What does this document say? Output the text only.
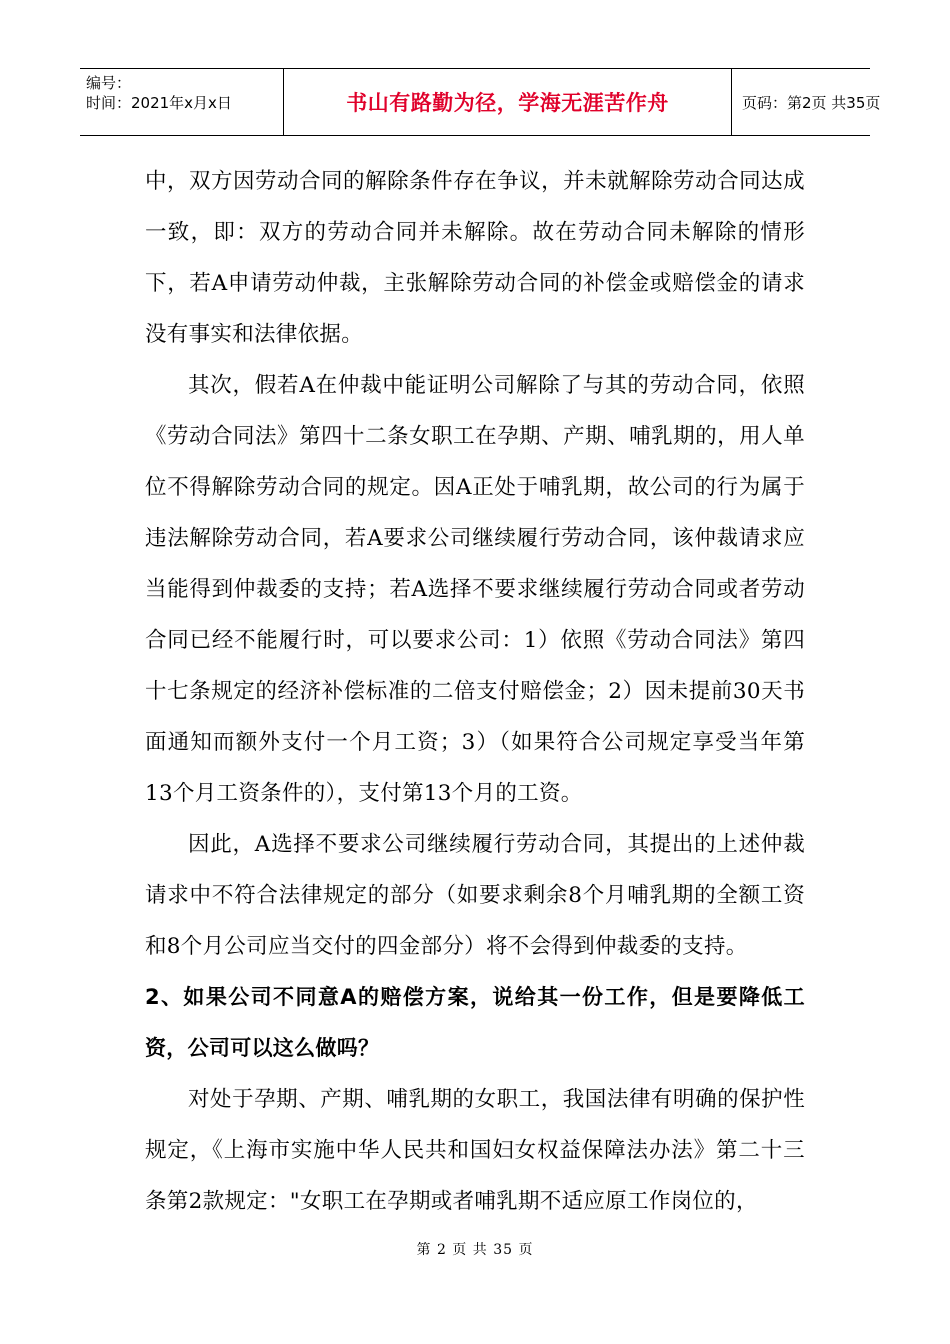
编号：
时间：2021年x月x日	书山有路勤为径，学海无涯苦作舟	页码：第2页 共35页

中，双方因劳动合同的解除条件存在争议，并未就解除劳动合同达成一致，即：双方的劳动合同并未解除。故在劳动合同未解除的情形下，若A申请劳动仲裁，主张解除劳动合同的补偿金或赔偿金的请求没有事实和法律依据。

其次，假若A在仲裁中能证明公司解除了与其的劳动合同，依照《劳动合同法》第四十二条女职工在孕期、产期、哺乳期的，用人单位不得解除劳动合同的规定。因A正处于哺乳期，故公司的行为属于违法解除劳动合同，若A要求公司继续履行劳动合同，该仲裁请求应当能得到仲裁委的支持；若A选择不要求继续履行劳动合同或者劳动合同已经不能履行时，可以要求公司：1）依照《劳动合同法》第四十七条规定的经济补偿标准的二倍支付赔偿金；2）因未提前30天书面通知而额外支付一个月工资；3）（如果符合公司规定享受当年第13个月工资条件的），支付第13个月的工资。

因此，A选择不要求公司继续履行劳动合同，其提出的上述仲裁请求中不符合法律规定的部分（如要求剩余8个月哺乳期的全额工资和8个月公司应当交付的四金部分）将不会得到仲裁委的支持。

2、如果公司不同意A的赔偿方案，说给其一份工作，但是要降低工资，公司可以这么做吗？

对处于孕期、产期、哺乳期的女职工，我国法律有明确的保护性规定，《上海市实施中华人民共和国妇女权益保障法办法》第二十三条第2款规定："女职工在孕期或者哺乳期不适应原工作岗位的，

第 2 页 共 35 页
